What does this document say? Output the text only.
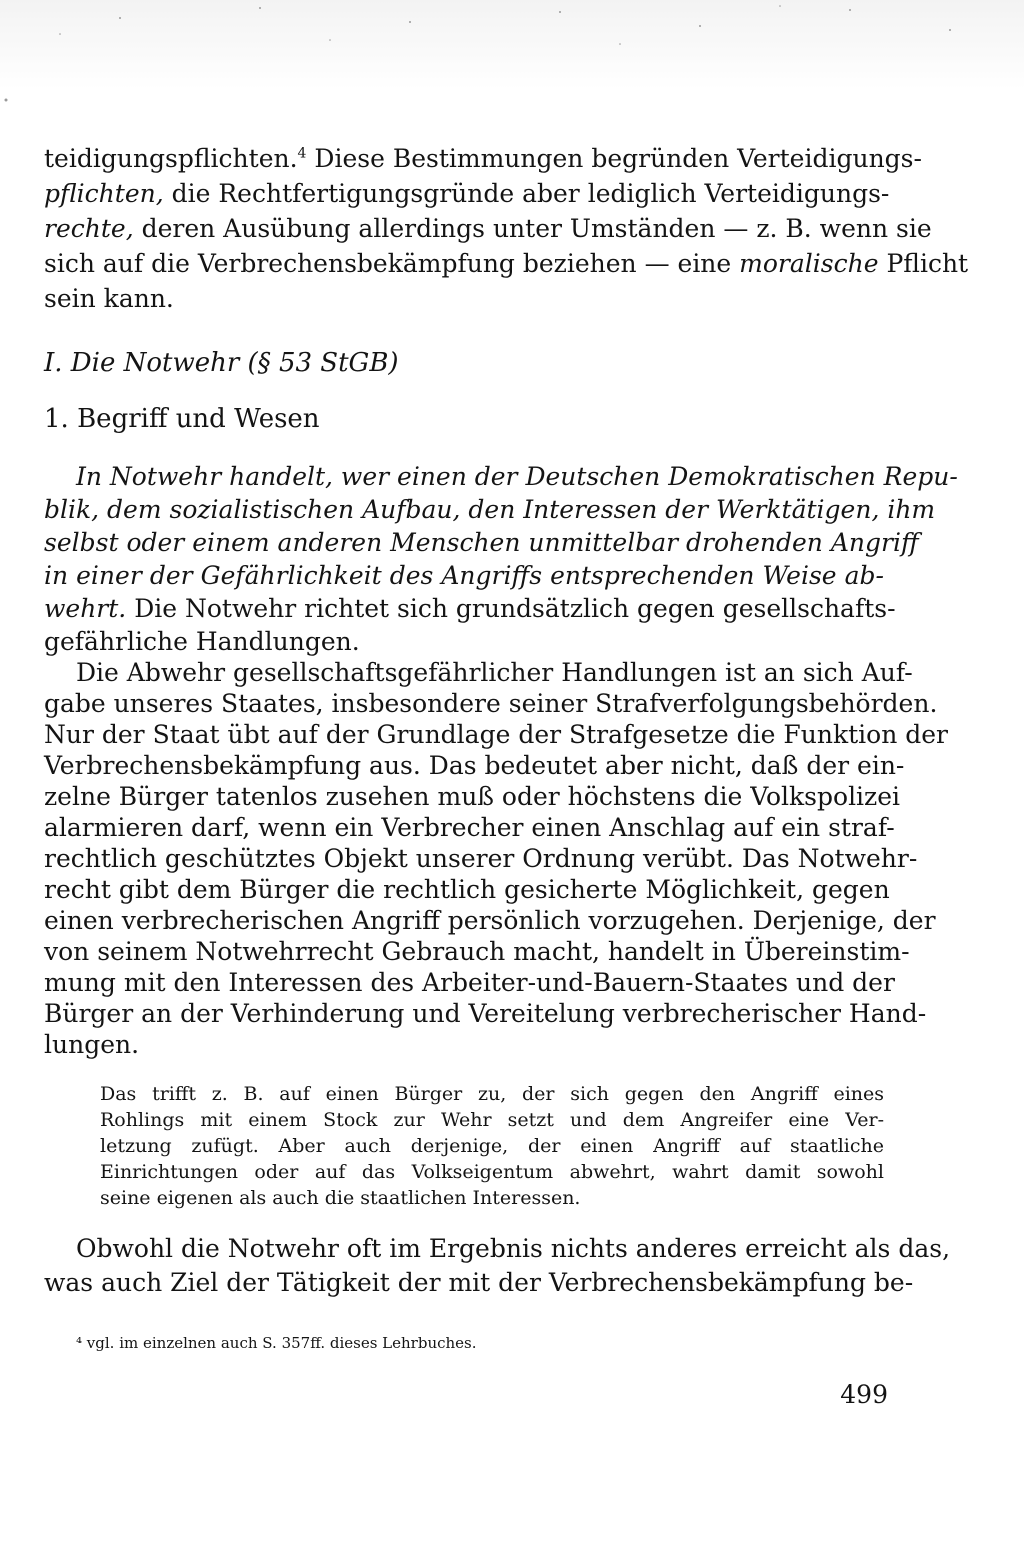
teidigungspflichten.$^4$ Diese Bestimmungen begründen Verteidigungs-
pflichten, die Rechtfertigungsgründe aber lediglich Verteidigungs-
rechte, deren Ausübung allerdings unter Umständen — z. B. wenn sie
sich auf die Verbrechensbekämpfung beziehen — eine moralische Pflicht
sein kann.
I. Die Notwehr (§ 53 StGB)
1. Begriff und Wesen
In Notwehr handelt, wer einen der Deutschen Demokratischen Repu-
blik, dem sozialistischen Aufbau, den Interessen der Werktätigen, ihm
selbst oder einem anderen Menschen unmittelbar drohenden Angriff
in einer der Gefährlichkeit des Angriffs entsprechenden Weise ab-
wehrt. Die Notwehr richtet sich grundsätzlich gegen gesellschafts-
gefährliche Handlungen.
Die Abwehr gesellschaftsgefährlicher Handlungen ist an sich Auf-
gabe unseres Staates, insbesondere seiner Strafverfolgungsbehörden.
Nur der Staat übt auf der Grundlage der Strafgesetze die Funktion der
Verbrechensbekämpfung aus. Das bedeutet aber nicht, daß der ein-
zelne Bürger tatenlos zusehen muß oder höchstens die Volkspolizei
alarmieren darf, wenn ein Verbrecher einen Anschlag auf ein straf-
rechtlich geschütztes Objekt unserer Ordnung verübt. Das Notwehr-
recht gibt dem Bürger die rechtlich gesicherte Möglichkeit, gegen
einen verbrecherischen Angriff persönlich vorzugehen. Derjenige, der
von seinem Notwehrrecht Gebrauch macht, handelt in Übereinstim-
mung mit den Interessen des Arbeiter-und-Bauern-Staates und der
Bürger an der Verhinderung und Vereitelung verbrecherischer Hand-
lungen.
Das trifft z. B. auf einen Bürger zu, der sich gegen den Angriff eines
Rohlings mit einem Stock zur Wehr setzt und dem Angreifer eine Ver-
letzung zufügt. Aber auch derjenige, der einen Angriff auf staatliche
Einrichtungen oder auf das Volkseigentum abwehrt, wahrt damit sowohl
seine eigenen als auch die staatlichen Interessen.
Obwohl die Notwehr oft im Ergebnis nichts anderes erreicht als das,
was auch Ziel der Tätigkeit der mit der Verbrechensbekämpfung be-
⁴ vgl. im einzelnen auch S. 357ff. dieses Lehrbuches.
499
